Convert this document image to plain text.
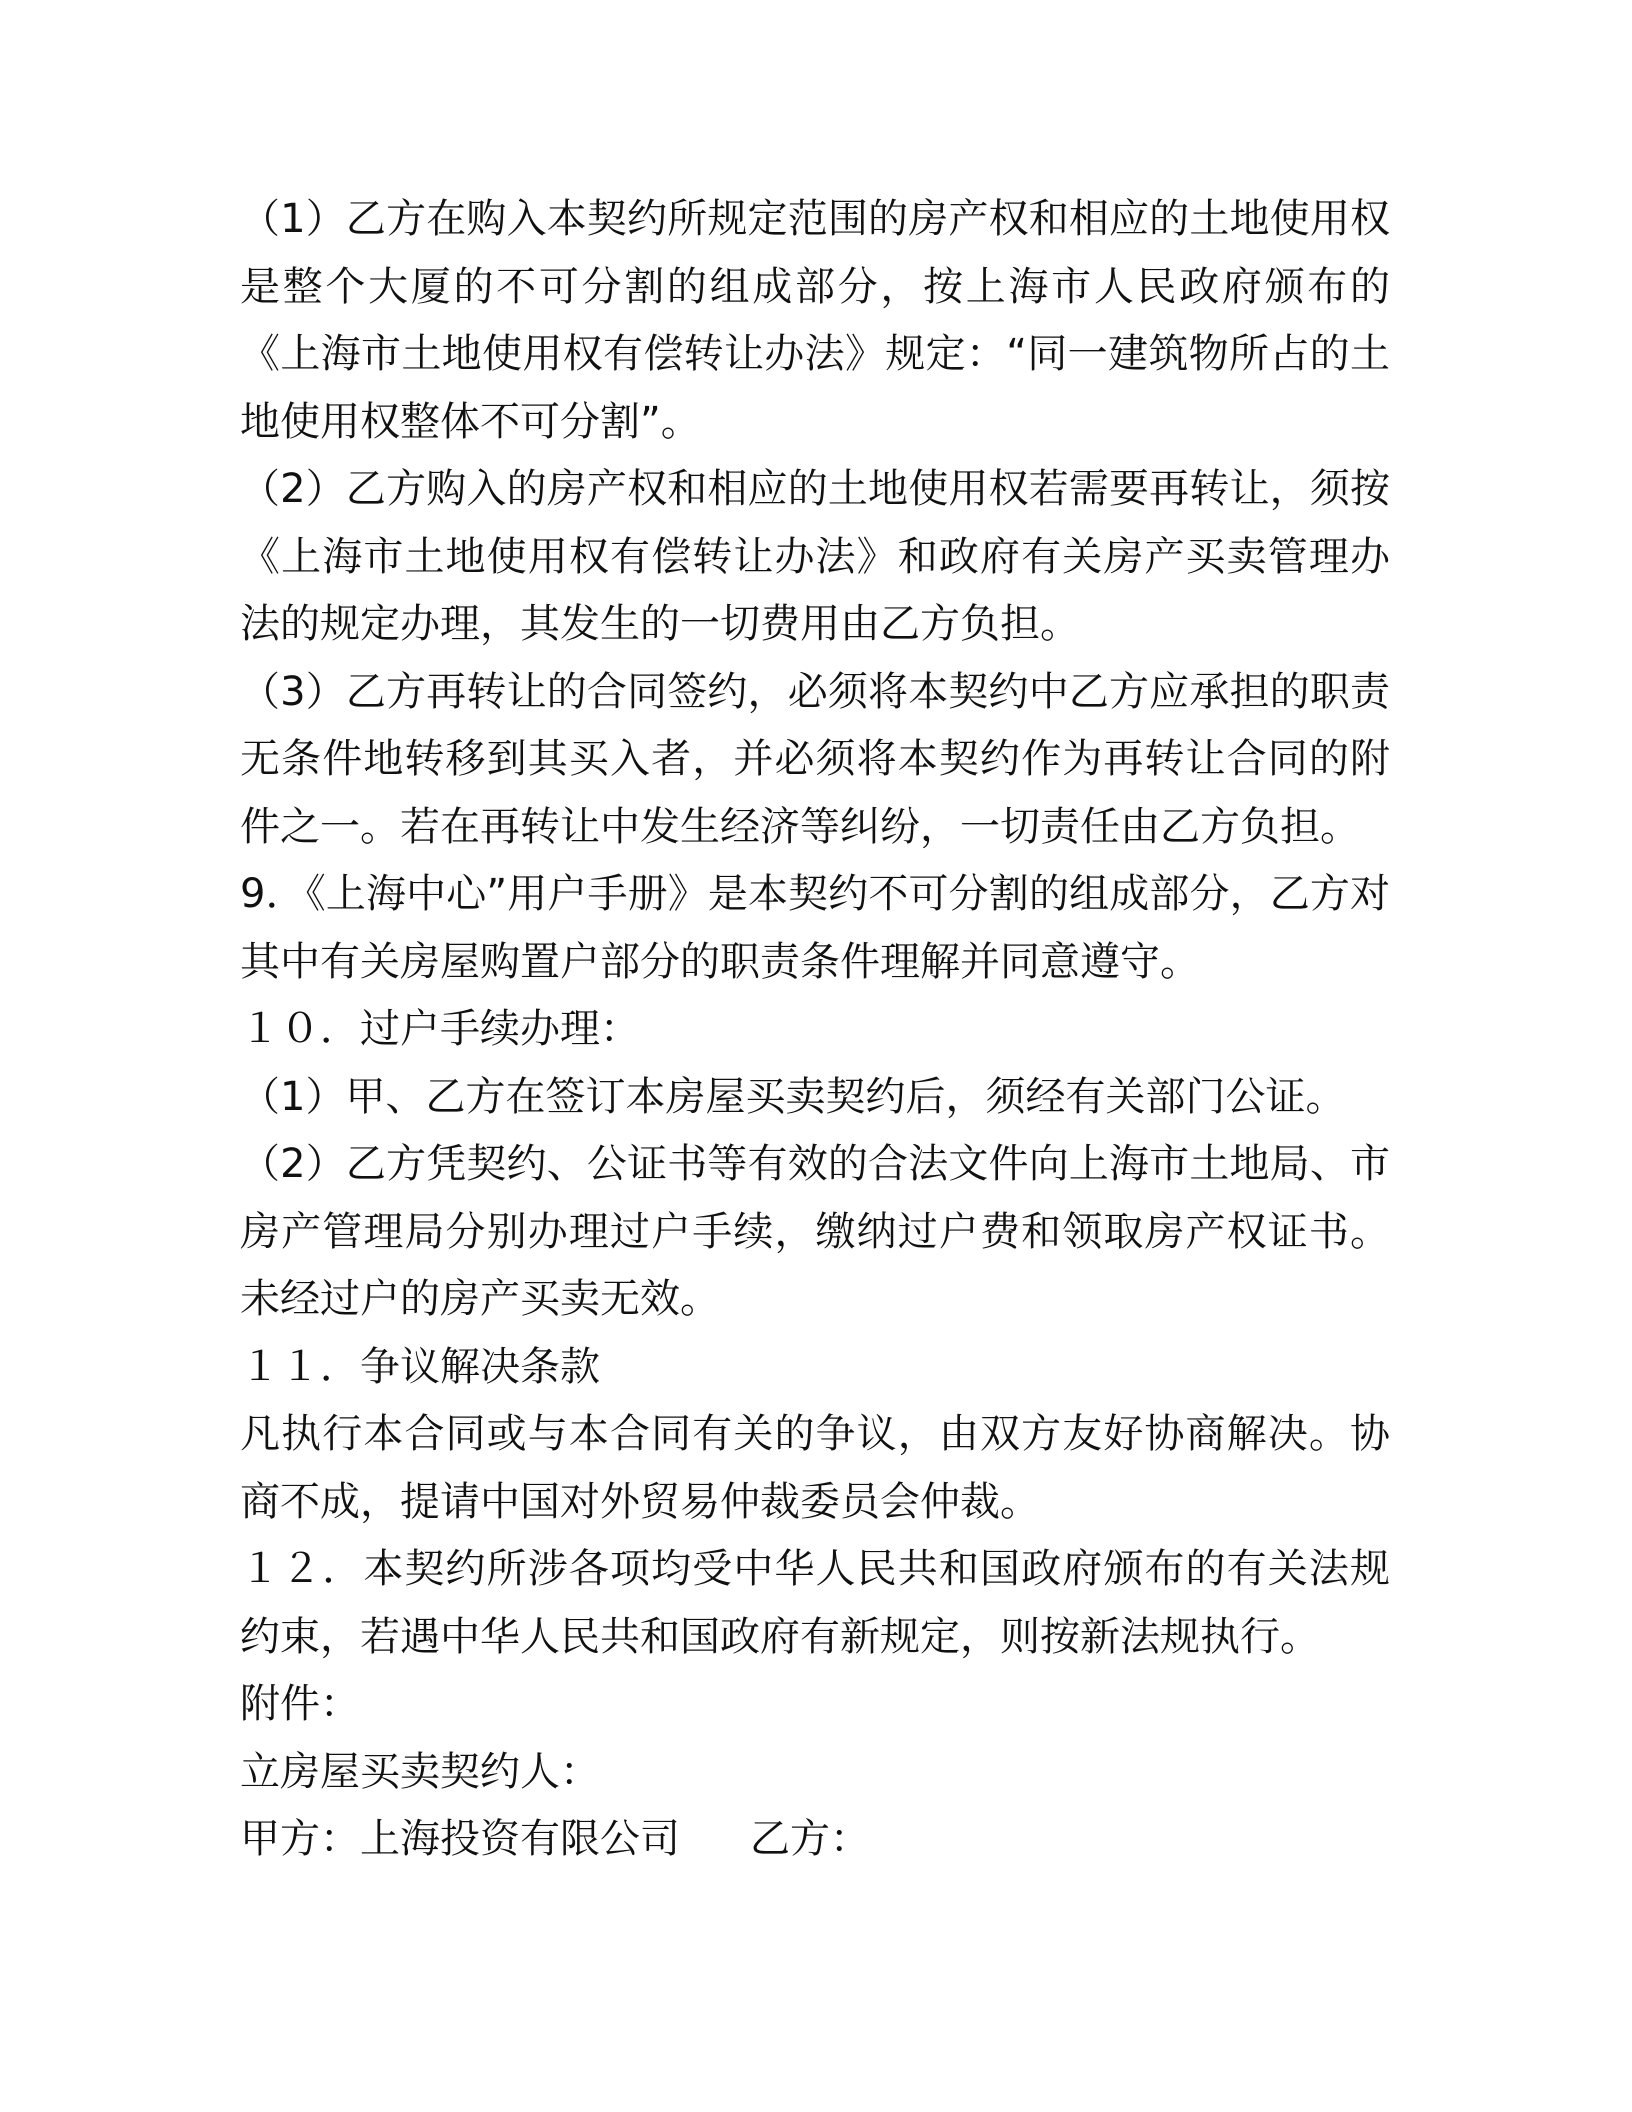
（1）乙方在购入本契约所规定范围的房产权和相应的土地使用权是整个大厦的不可分割的组成部分，按上海市人民政府颁布的《上海市土地使用权有偿转让办法》规定：“同一建筑物所占的土地使用权整体不可分割”。

（2）乙方购入的房产权和相应的土地使用权若需要再转让，须按《上海市土地使用权有偿转让办法》和政府有关房产买卖管理办法的规定办理，其发生的一切费用由乙方负担。

（3）乙方再转让的合同签约，必须将本契约中乙方应承担的职责无条件地转移到其买入者，并必须将本契约作为再转让合同的附件之一。若在再转让中发生经济等纠纷，一切责任由乙方负担。

9．《上海中心”用户手册》是本契约不可分割的组成部分，乙方对其中有关房屋购置户部分的职责条件理解并同意遵守。

１０．过户手续办理：

（1）甲、乙方在签订本房屋买卖契约后，须经有关部门公证。

（2）乙方凭契约、公证书等有效的合法文件向上海市土地局、市房产管理局分别办理过户手续，缴纳过户费和领取房产权证书。未经过户的房产买卖无效。

１１．争议解决条款

凡执行本合同或与本合同有关的争议，由双方友好协商解决。协商不成，提请中国对外贸易仲裁委员会仲裁。

１２．本契约所涉各项均受中华人民共和国政府颁布的有关法规约束，若遇中华人民共和国政府有新规定，则按新法规执行。

附件：

立房屋买卖契约人：

甲方：上海投资有限公司 乙方：
